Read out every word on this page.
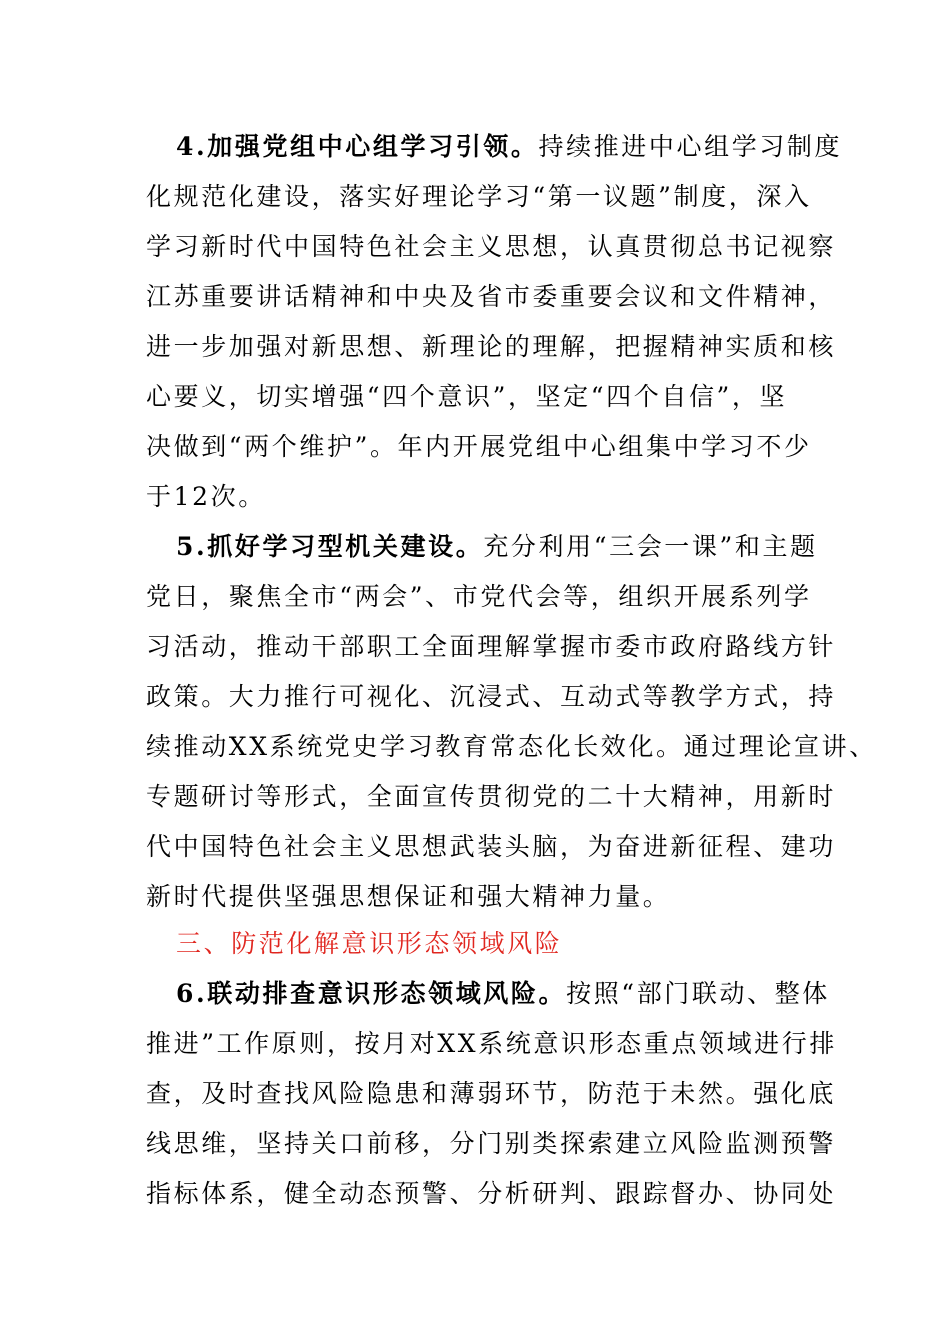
4.加强党组中心组学习引领。持续推进中心组学习制度
化规范化建设，落实好理论学习“第一议题”制度，深入
学习新时代中国特色社会主义思想，认真贯彻总书记视察
江苏重要讲话精神和中央及省市委重要会议和文件精神，
进一步加强对新思想、新理论的理解，把握精神实质和核
心要义，切实增强“四个意识”，坚定“四个自信”，坚
决做到“两个维护”。年内开展党组中心组集中学习不少
于12次。
5.抓好学习型机关建设。充分利用“三会一课”和主题
党日，聚焦全市“两会”、市党代会等，组织开展系列学
习活动，推动干部职工全面理解掌握市委市政府路线方针
政策。大力推行可视化、沉浸式、互动式等教学方式，持
续推动XX系统党史学习教育常态化长效化。通过理论宣讲、
专题研讨等形式，全面宣传贯彻党的二十大精神，用新时
代中国特色社会主义思想武装头脑，为奋进新征程、建功
新时代提供坚强思想保证和强大精神力量。
三、防范化解意识形态领域风险
6.联动排查意识形态领域风险。按照“部门联动、整体
推进”工作原则，按月对XX系统意识形态重点领域进行排
查，及时查找风险隐患和薄弱环节，防范于未然。强化底
线思维，坚持关口前移，分门别类探索建立风险监测预警
指标体系，健全动态预警、分析研判、跟踪督办、协同处
